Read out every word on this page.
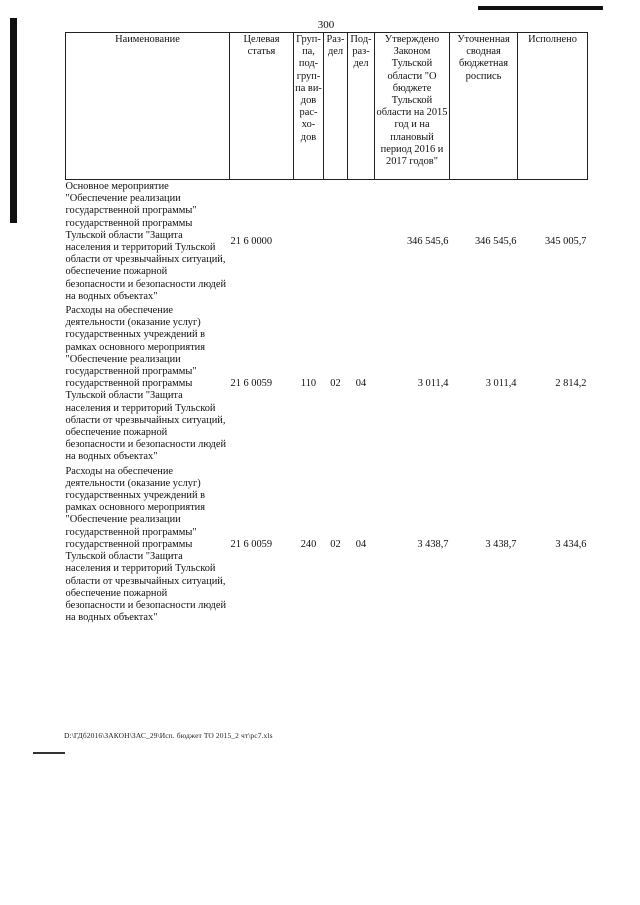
300
Наименование	Целевая статья	Груп-па, под-груп-па ви-дов рас-хо-дов	Раз-дел	Под-раз-дел	Утверждено Законом Тульской области "О бюджете Тульской области на 2015 год и на плановый период 2016 и 2017 годов"	Уточненная сводная бюджетная роспись	Исполнено
Основное мероприятие "Обеспечение реализации государственной программы" государственной программы Тульской области "Защита населения и территорий Тульской области от чрезвычайных ситуаций, обеспечение пожарной безопасности и безопасности людей на водных объектах"	21 6 0000				346 545,6	346 545,6	345 005,7
Расходы на обеспечение деятельности (оказание услуг) государственных учреждений в рамках основного мероприятия "Обеспечение реализации государственной программы" государственной программы Тульской области "Защита населения и территорий Тульской области от чрезвычайных ситуаций, обеспечение пожарной безопасности и безопасности людей на водных объектах"	21 6 0059	110	02	04	3 011,4	3 011,4	2 814,2
Расходы на обеспечение деятельности (оказание услуг) государственных учреждений в рамках основного мероприятия "Обеспечение реализации государственной программы" государственной программы Тульской области "Защита населения и территорий Тульской области от чрезвычайных ситуаций, обеспечение пожарной безопасности и безопасности людей на водных объектах"	21 6 0059	240	02	04	3 438,7	3 438,7	3 434,6
D:\ГДб2016\ЗАКОН\ЗАС_29\Исп. бюджет ТО 2015_2 чт\рс7.xls
